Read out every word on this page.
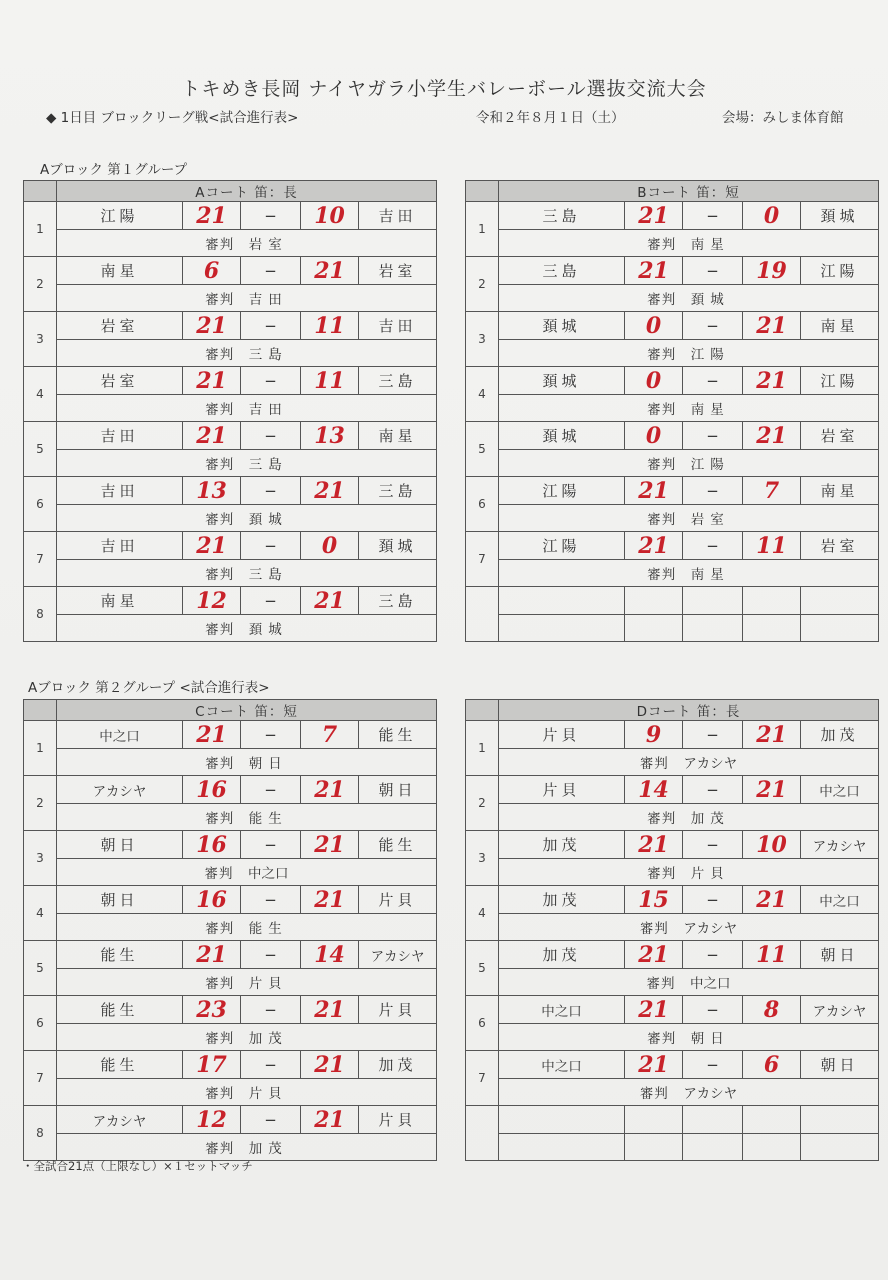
トキめき長岡 ナイヤガラ小学生バレーボール選抜交流大会
◆ 1日目 ブロックリーグ戦<試合進行表>	令和２年８月１日（土）	会場：みしま体育館
Aブロック 第１グループ
Aブロック 第２グループ <試合進行表>
	Aコート 笛：長				
1	江陽	21	−	10	吉田
	審判  岩室				
2	南星	6	−	21	岩室
	審判  吉田				
3	岩室	21	−	11	吉田
	審判  三島				
4	岩室	21	−	11	三島
	審判  吉田				
5	吉田	21	−	13	南星
	審判  三島				
6	吉田	13	−	21	三島
	審判  頚城				
7	吉田	21	−	0	頚城
	審判  三島				
8	南星	12	−	21	三島
	審判  頚城				
	Bコート 笛：短				
1	三島	21	−	0	頚城
	審判  南星				
2	三島	21	−	19	江陽
	審判  頚城				
3	頚城	0	−	21	南星
	審判  江陽				
4	頚城	0	−	21	江陽
	審判  南星				
5	頚城	0	−	21	岩室
	審判  江陽				
6	江陽	21	−	7	南星
	審判  岩室				
7	江陽	21	−	11	岩室
	審判  南星				

	Cコート 笛：短				
1	中之口	21	−	7	能生
	審判  朝日				
2	アカシヤ	16	−	21	朝日
	審判  能生				
3	朝日	16	−	21	能生
	審判  中之口				
4	朝日	16	−	21	片貝
	審判  能生				
5	能生	21	−	14	アカシヤ
	審判  片貝				
6	能生	23	−	21	片貝
	審判  加茂				
7	能生	17	−	21	加茂
	審判  片貝				
8	アカシヤ	12	−	21	片貝
	審判  加茂				
	Dコート 笛：長				
1	片貝	9	−	21	加茂
	審判  アカシヤ				
2	片貝	14	−	21	中之口
	審判  加茂				
3	加茂	21	−	10	アカシヤ
	審判  片貝				
4	加茂	15	−	21	中之口
	審判  アカシヤ				
5	加茂	21	−	11	朝日
	審判  中之口				
6	中之口	21	−	8	アカシヤ
	審判  朝日				
7	中之口	21	−	6	朝日
	審判  アカシヤ				

・全試合21点（上限なし）×１セットマッチ
